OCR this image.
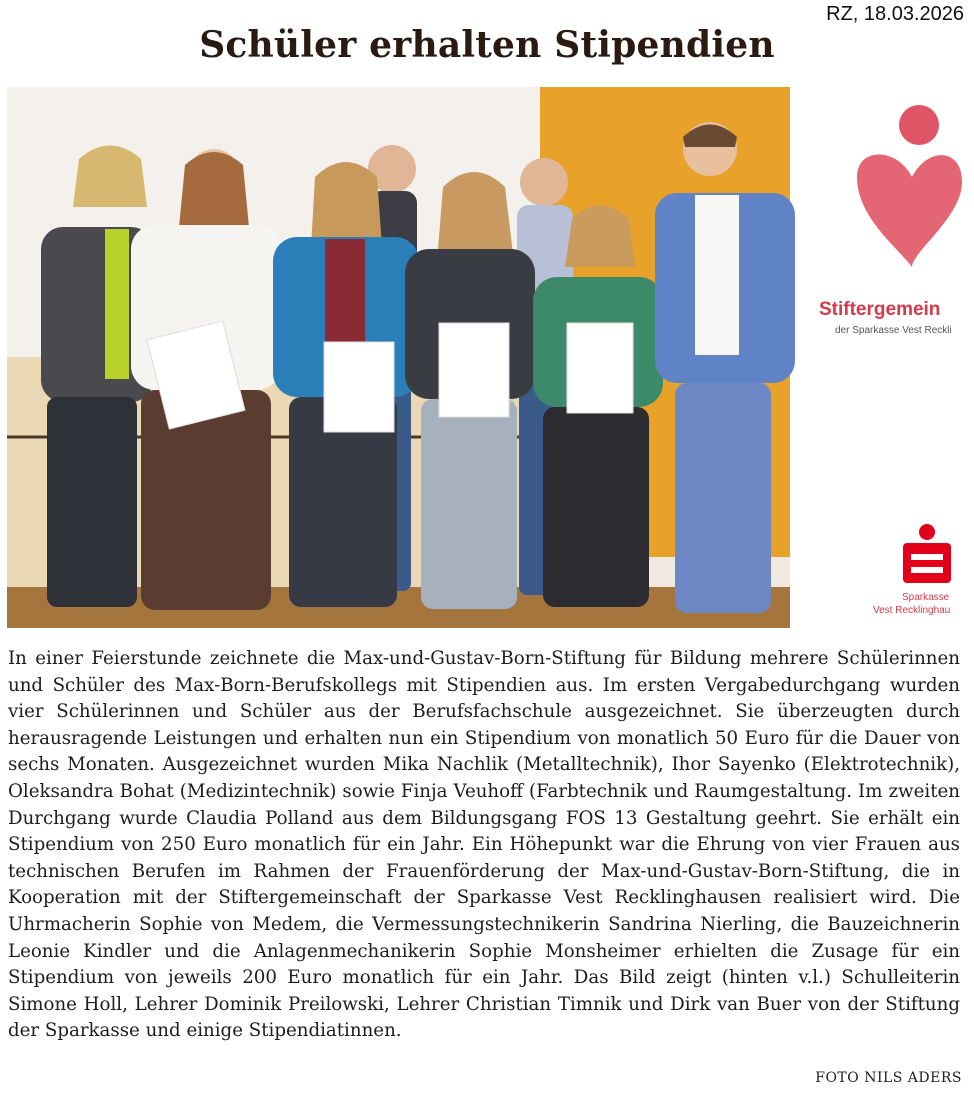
RZ, 18.03.2026
Schüler erhalten Stipendien
Stiftergemein
der Sparkasse Vest Reckli
Sparkasse
Vest Recklinghau
In einer Feierstunde zeichnete die Max-und-Gustav-Born-Stiftung für Bildung mehrere Schülerinnen und Schüler des Max-Born-Berufskollegs mit Stipendien aus. Im ersten Vergabedurchgang wurden vier Schülerinnen und Schüler aus der Berufsfachschule ausgezeichnet. Sie überzeugten durch herausragende Leistungen und erhalten nun ein Stipendium von monatlich 50 Euro für die Dauer von sechs Monaten. Ausgezeichnet wurden Mika Nachlik (Metalltechnik), Ihor Sayenko (Elektrotechnik), Oleksandra Bohat (Medizintechnik) sowie Finja Veuhoff (Farbtechnik und Raumgestaltung. Im zweiten Durchgang wurde Claudia Polland aus dem Bildungsgang FOS 13 Gestaltung geehrt. Sie erhält ein Stipendium von 250 Euro monatlich für ein Jahr. Ein Höhepunkt war die Ehrung von vier Frauen aus technischen Berufen im Rahmen der Frauenförderung der Max-und-Gustav-Born-Stiftung, die in Kooperation mit der Stiftergemeinschaft der Sparkasse Vest Recklinghausen realisiert wird. Die Uhrmacherin Sophie von Medem, die Vermessungstechnikerin Sandrina Nierling, die Bauzeichnerin Leonie Kindler und die Anlagenmechanikerin Sophie Monsheimer erhielten die Zusage für ein Stipendium von jeweils 200 Euro monatlich für ein Jahr. Das Bild zeigt (hinten v.l.) Schulleiterin Simone Holl, Lehrer Dominik Preilowski, Lehrer Christian Timnik und Dirk van Buer von der Stiftung der Sparkasse und einige Stipendiatinnen.
FOTO NILS ADERS
